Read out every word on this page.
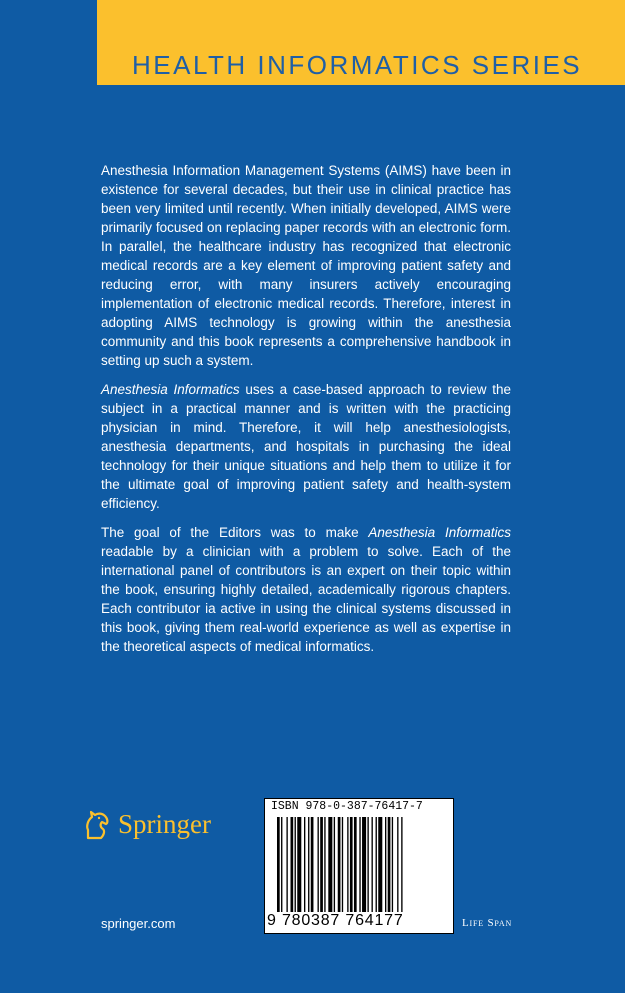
HEALTH INFORMATICS SERIES

Anesthesia Information Management Systems (AIMS) have been in existence for several decades, but their use in clinical practice has been very limited until recently. When initially developed, AIMS were primarily focused on replacing paper records with an electronic form. In parallel, the healthcare industry has recognized that electronic medical records are a key element of improving patient safety and reducing error, with many insurers actively encouraging implementation of electronic medical records. Therefore, interest in adopting AIMS technology is growing within the anesthesia community and this book represents a comprehensive handbook in setting up such a system.

Anesthesia Informatics uses a case-based approach to review the subject in a practical manner and is written with the practicing physician in mind. Therefore, it will help anesthesiologists, anesthesia departments, and hospitals in purchasing the ideal technology for their unique situations and help them to utilize it for the ultimate goal of improving patient safety and health-system efficiency.

The goal of the Editors was to make Anesthesia Informatics readable by a clinician with a problem to solve. Each of the international panel of contributors is an expert on their topic within the book, ensuring highly detailed, academically rigorous chapters. Each contributor ia active in using the clinical systems discussed in this book, giving them real-world experience as well as expertise in the theoretical aspects of medical informatics.

Springer
springer.com
ISBN 978-0-387-76417-7
9 780387 764177	Life Span
